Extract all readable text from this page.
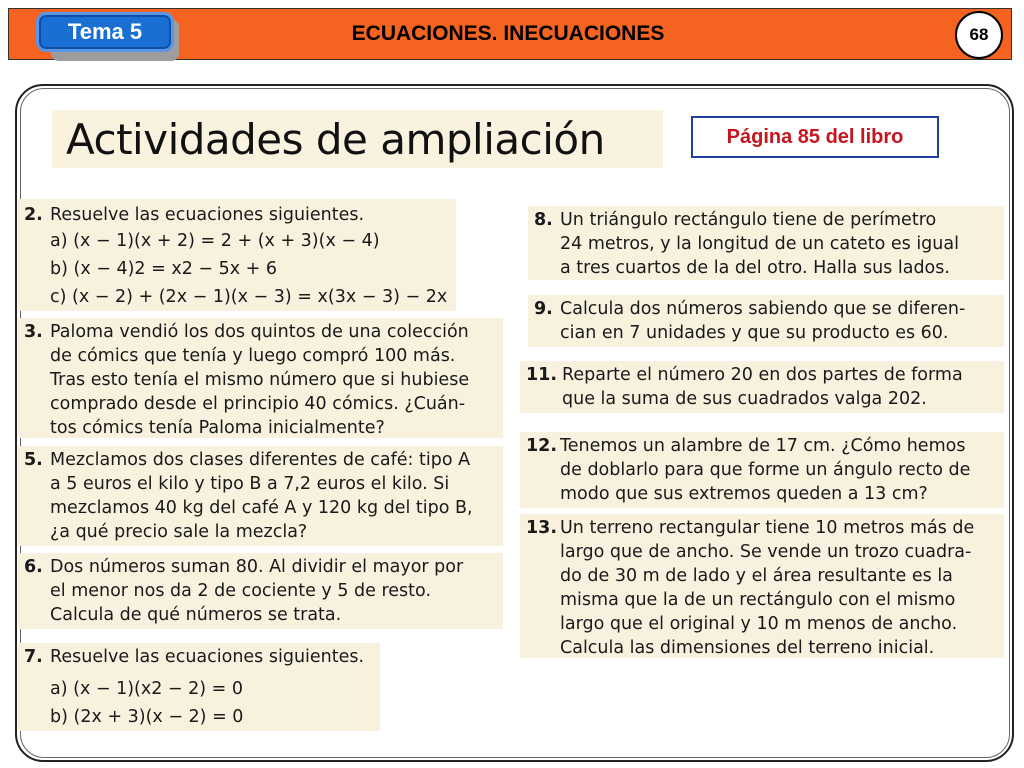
Tema 5	ECUACIONES. INECUACIONES	68
Actividades de ampliación	Página 85 del libro
2. Resuelve las ecuaciones siguientes.
a) (x − 1)(x + 2) = 2 + (x + 3)(x − 4)
b) (x − 4)2 = x2 − 5x + 6
c) (x − 2) + (2x − 1)(x − 3) = x(3x − 3) − 2x
3. Paloma vendió los dos quintos de una colección
de cómics que tenía y luego compró 100 más.
Tras esto tenía el mismo número que si hubiese
comprado desde el principio 40 cómics. ¿Cuán-
tos cómics tenía Paloma inicialmente?
5. Mezclamos dos clases diferentes de café: tipo A
a 5 euros el kilo y tipo B a 7,2 euros el kilo. Si
mezclamos 40 kg del café A y 120 kg del tipo B,
¿a qué precio sale la mezcla?
6. Dos números suman 80. Al dividir el mayor por
el menor nos da 2 de cociente y 5 de resto.
Calcula de qué números se trata.
7. Resuelve las ecuaciones siguientes.
a) (x − 1)(x2 − 2) = 0
b) (2x + 3)(x − 2) = 0
8. Un triángulo rectángulo tiene de perímetro
24 metros, y la longitud de un cateto es igual
a tres cuartos de la del otro. Halla sus lados.
9. Calcula dos números sabiendo que se diferen-
cian en 7 unidades y que su producto es 60.
11. Reparte el número 20 en dos partes de forma
que la suma de sus cuadrados valga 202.
12. Tenemos un alambre de 17 cm. ¿Cómo hemos
de doblarlo para que forme un ángulo recto de
modo que sus extremos queden a 13 cm?
13. Un terreno rectangular tiene 10 metros más de
largo que de ancho. Se vende un trozo cuadra-
do de 30 m de lado y el área resultante es la
misma que la de un rectángulo con el mismo
largo que el original y 10 m menos de ancho.
Calcula las dimensiones del terreno inicial.
